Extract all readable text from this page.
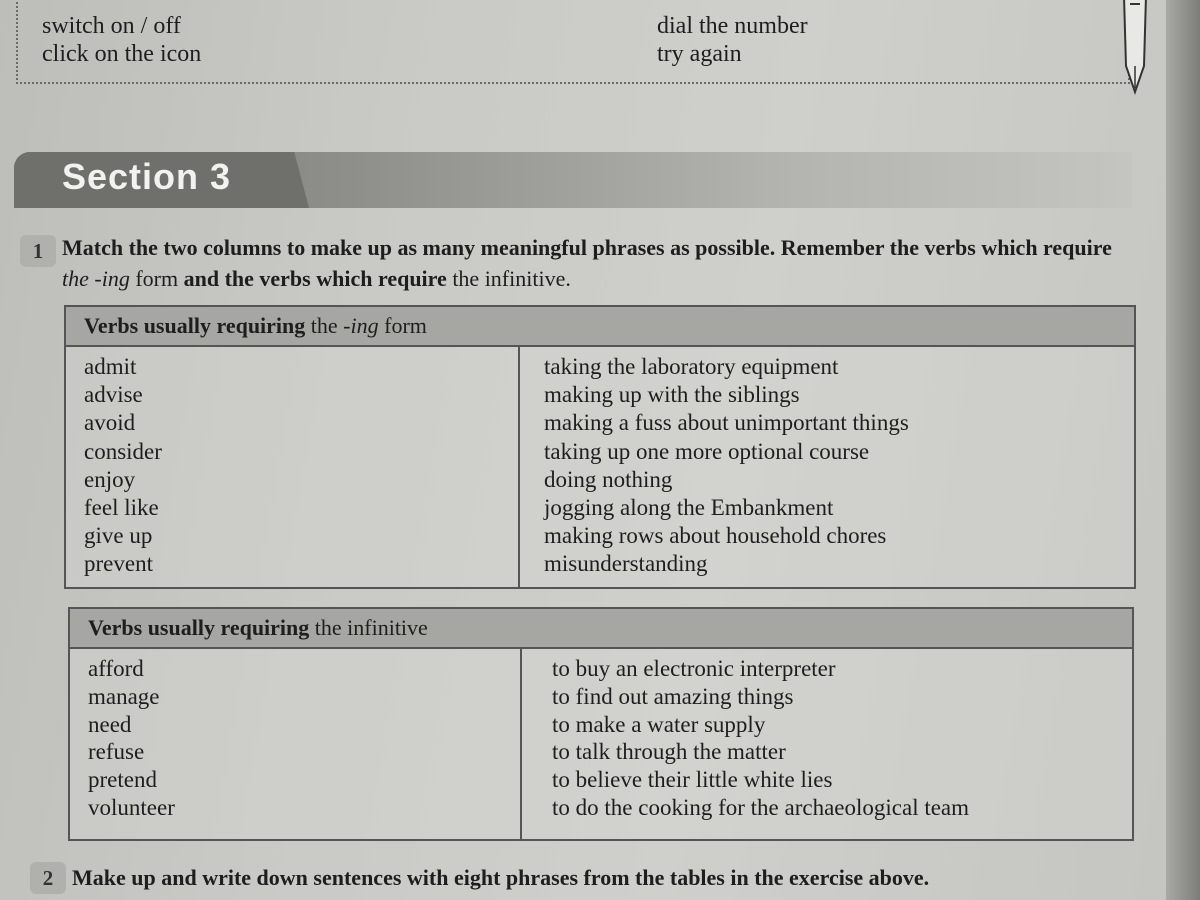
switch on / off
click on the icon
dial the number
try again
Section 3
1 Match the two columns to make up as many meaningful phrases as possible. Remember the verbs which require the -ing form and the verbs which require the infinitive.
Verbs usually requiring the -ing form
admit
advise
avoid
consider
enjoy
feel like
give up
prevent
taking the laboratory equipment
making up with the siblings
making a fuss about unimportant things
taking up one more optional course
doing nothing
jogging along the Embankment
making rows about household chores
misunderstanding
Verbs usually requiring the infinitive
afford
manage
need
refuse
pretend
volunteer
to buy an electronic interpreter
to find out amazing things
to make a water supply
to talk through the matter
to believe their little white lies
to do the cooking for the archaeological team
2 Make up and write down sentences with eight phrases from the tables in the exercise above.
